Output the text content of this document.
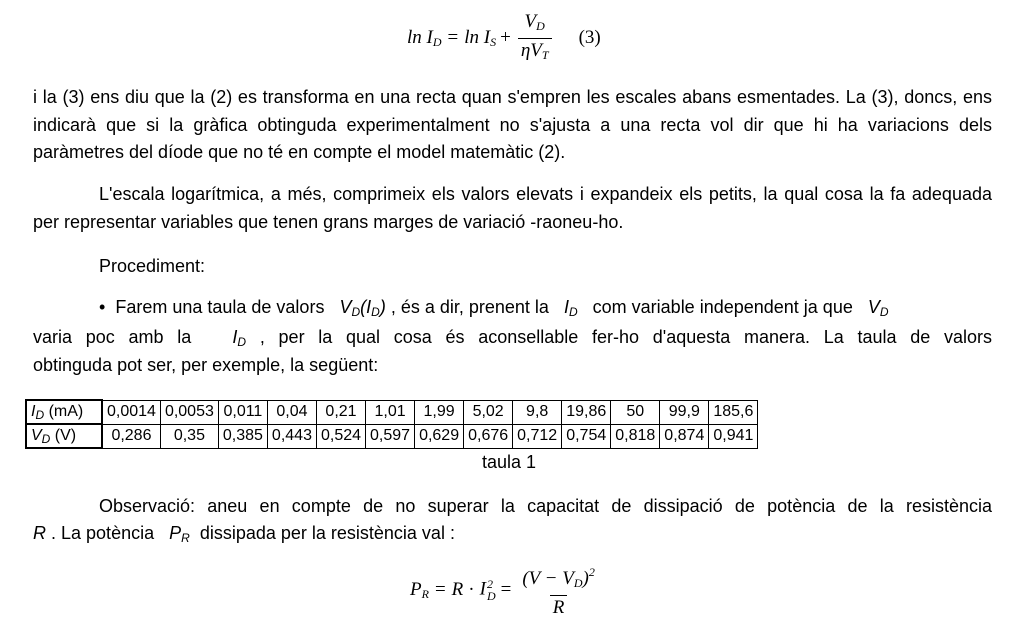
$\ln I_D = \ln I_S + \frac{V_D}{\eta V_T} (3)$
i la (3) ens diu que la (2) es transforma en una recta quan s'empren les escales abans esmentades. La (3), doncs, ens indicarà que si la gràfica obtinguda experimentalment no s'ajusta a una recta vol dir que hi ha variacions dels paràmetres del díode que no té en compte el model matemàtic (2).
L'escala logarítmica, a més, comprimeix els valors elevats i expandeix els petits, la qual cosa la fa adequada per representar variables que tenen grans marges de variació -raoneu-ho.
Procediment:
• Farem una taula de valors $V_D(I_D)$ , és a dir, prenent la $I_D$ com variable independent ja que $V_D$
varia poc amb la $I_D$ , per la qual cosa és aconsellable fer-ho d'aquesta manera. La taula de valors
obtinguda pot ser, per exemple, la següent:
$I_D$ (mA)	0,0014	0,0053	0,011	0,04	0,21	1,01	1,99	5,02	9,8	19,86	50	99,9	185,6
$V_D$ (V)	0,286	0,35	0,385	0,443	0,524	0,597	0,629	0,676	0,712	0,754	0,818	0,874	0,941
taula 1
Observació: aneu en compte de no superar la capacitat de dissipació de potència de la resistència
R . La potència $P_R$ dissipada per la resistència val :
$P_R = R \cdot I$ 2
$D = \frac{(V - V_D)^2}{R}$
